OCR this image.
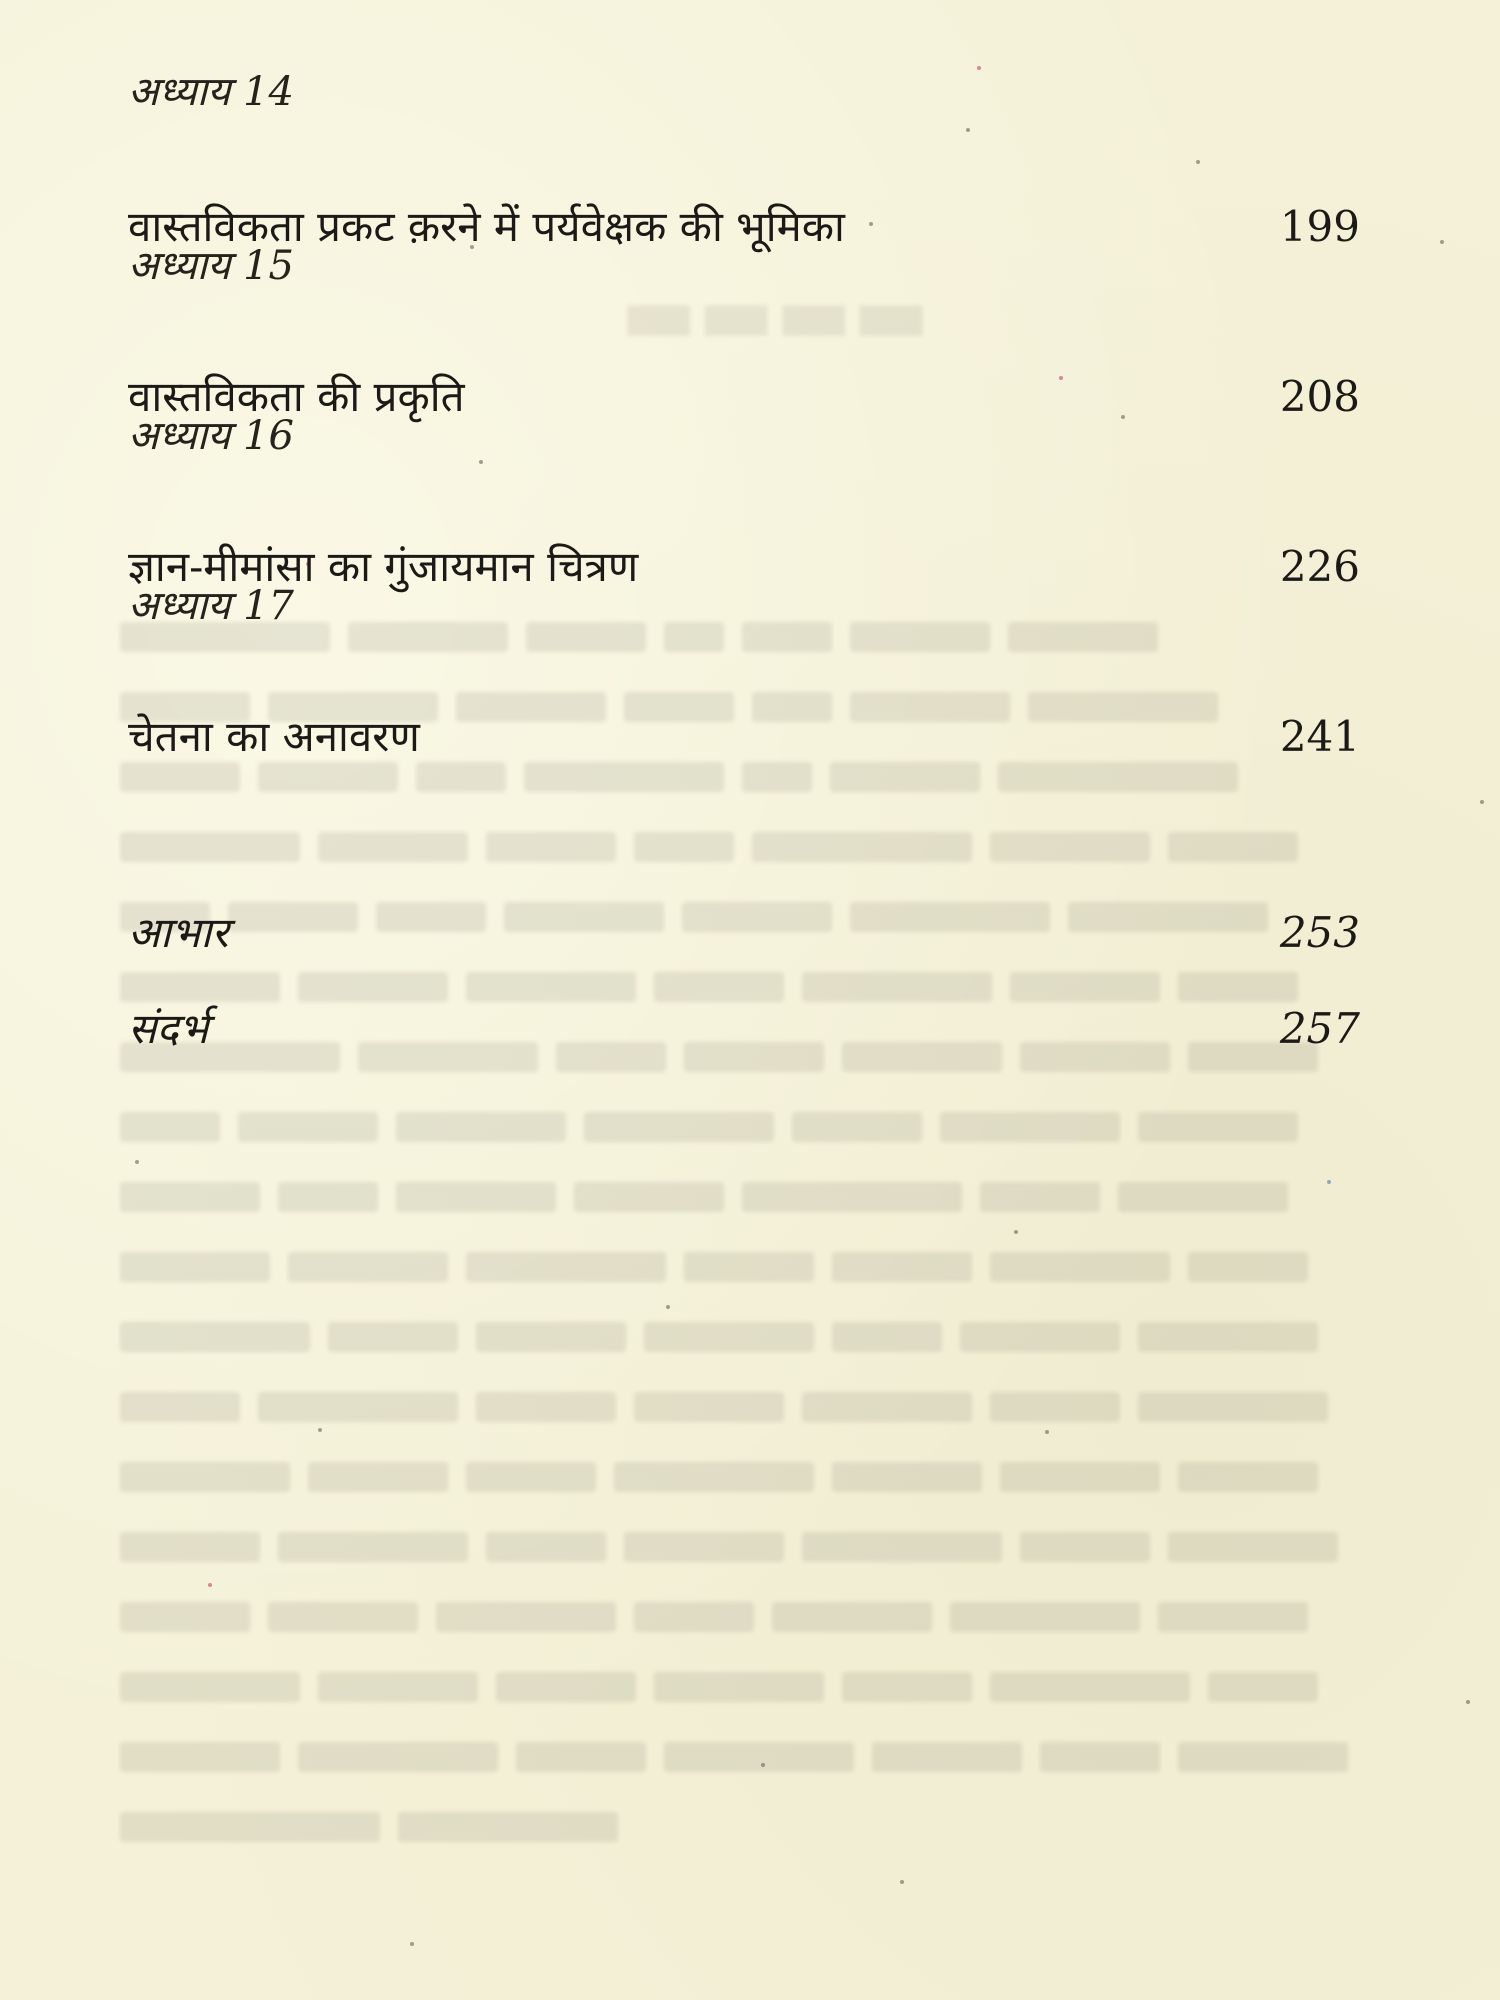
▬▬▬▬
अध्याय 14
वास्तविकता प्रकट क़रने में पर्यवेक्षक की भूमिका	199
अध्याय 15
वास्तविकता की प्रकृति	208
अध्याय 16
ज्ञान-मीमांसा का गुंजायमान चित्रण	226
अध्याय 17
चेतना का अनावरण	241
आभार	253
संदर्भ	257
